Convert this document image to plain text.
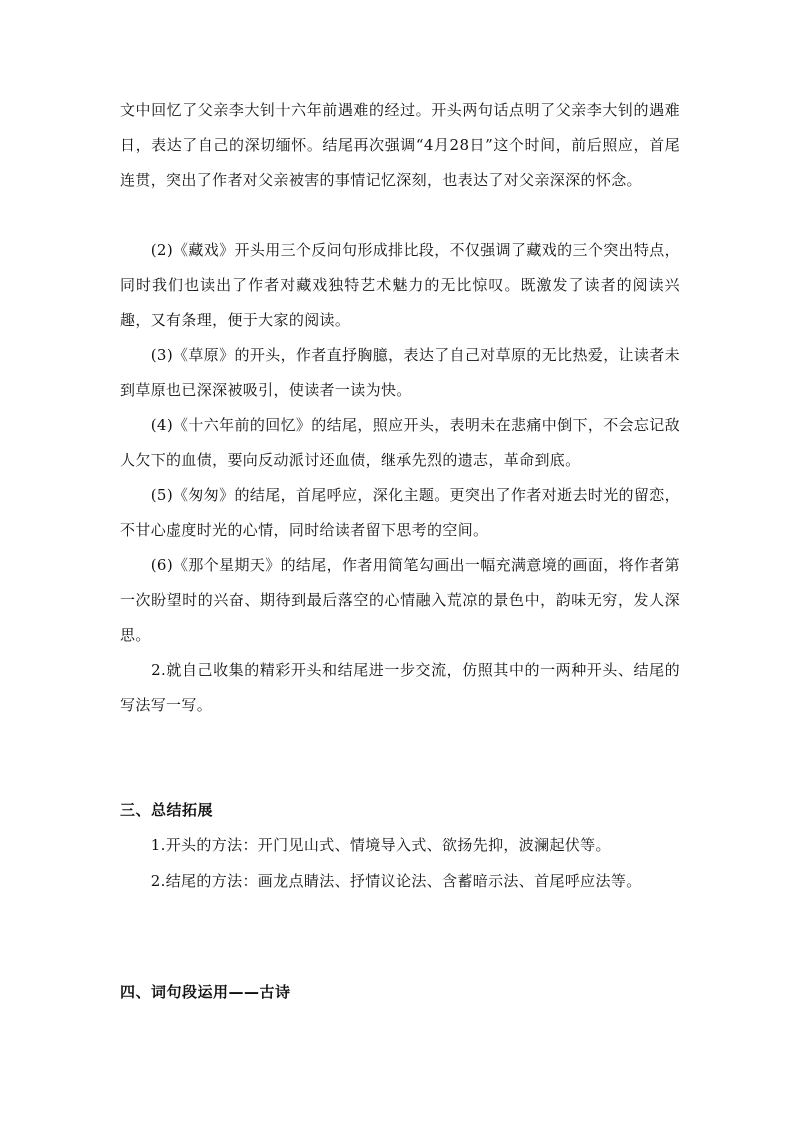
文中回忆了父亲李大钊十六年前遇难的经过。开头两句话点明了父亲李大钊的遇难日，表达了自己的深切缅怀。结尾再次强调“4月28日”这个时间，前后照应，首尾连贯，突出了作者对父亲被害的事情记忆深刻，也表达了对父亲深深的怀念。

　　(2)《藏戏》开头用三个反问句形成排比段，不仅强调了藏戏的三个突出特点，同时我们也读出了作者对藏戏独特艺术魅力的无比惊叹。既激发了读者的阅读兴趣，又有条理，便于大家的阅读。

　　(3)《草原》的开头，作者直抒胸臆，表达了自己对草原的无比热爱，让读者未到草原也已深深被吸引，使读者一读为快。

　　(4)《十六年前的回忆》的结尾，照应开头，表明未在悲痛中倒下，不会忘记敌人欠下的血债，要向反动派讨还血债，继承先烈的遗志，革命到底。

　　(5)《匆匆》的结尾，首尾呼应，深化主题。更突出了作者对逝去时光的留恋，不甘心虚度时光的心情，同时给读者留下思考的空间。

　　(6)《那个星期天》的结尾，作者用简笔勾画出一幅充满意境的画面，将作者第一次盼望时的兴奋、期待到最后落空的心情融入荒凉的景色中，韵味无穷，发人深思。

　　2.就自己收集的精彩开头和结尾进一步交流，仿照其中的一两种开头、结尾的写法写一写。

三、总结拓展

　　1.开头的方法：开门见山式、情境导入式、欲扬先抑，波澜起伏等。

　　2.结尾的方法：画龙点睛法、抒情议论法、含蓄暗示法、首尾呼应法等。

四、词句段运用——古诗
